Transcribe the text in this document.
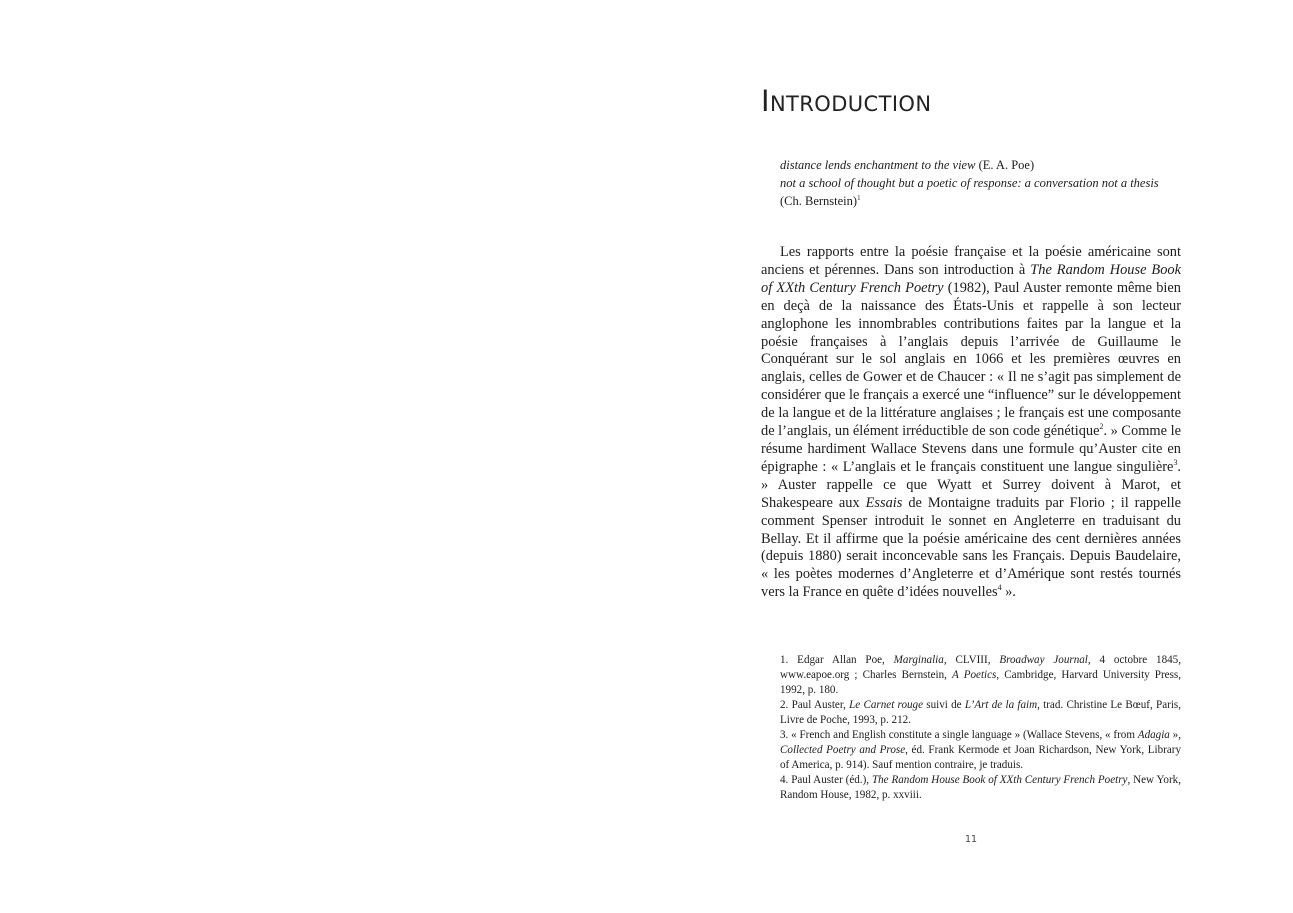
INTRODUCTION
distance lends enchantment to the view (E. A. Poe)
not a school of thought but a poetic of response: a conversation not a thesis
(Ch. Bernstein)$^1$

Les rapports entre la poésie française et la poésie américaine sont anciens et pérennes. Dans son introduction à The Random House Book of XXth Century French Poetry (1982), Paul Auster remonte même bien en deçà de la naissance des États-Unis et rappelle à son lecteur anglophone les innombrables contributions faites par la langue et la poésie françaises à l’anglais depuis l’arrivée de Guillaume le Conquérant sur le sol anglais en 1066 et les premières œuvres en anglais, celles de Gower et de Chaucer : « Il ne s’agit pas simplement de considérer que le français a exercé une “influence” sur le développement de la langue et de la littérature anglaises ; le français est une composante de l’anglais, un élément irréductible de son code génétique$^2$. » Comme le résume hardiment Wallace Stevens dans une formule qu’Auster cite en épigraphe : « L’anglais et le français constituent une langue singulière$^3$. » Auster rappelle ce que Wyatt et Surrey doivent à Marot, et Shakespeare aux Essais de Montaigne traduits par Florio ; il rappelle comment Spenser introduit le sonnet en Angleterre en traduisant du Bellay. Et il affirme que la poésie américaine des cent dernières années (depuis 1880) serait inconcevable sans les Français. Depuis Baudelaire, « les poètes modernes d’Angleterre et d’Amérique sont restés tournés vers la France en quête d’idées nouvelles$^4$ ».

1. Edgar Allan Poe, Marginalia, CLVIII, Broadway Journal, 4 octobre 1845, www.eapoe.org ; Charles Bernstein, A Poetics, Cambridge, Harvard University Press, 1992, p. 180.

2. Paul Auster, Le Carnet rouge suivi de L’Art de la faim, trad. Christine Le Bœuf, Paris, Livre de Poche, 1993, p. 212.

3. « French and English constitute a single language » (Wallace Stevens, « from Adagia », Collected Poetry and Prose, éd. Frank Kermode et Joan Richardson, New York, Library of America, p. 914). Sauf mention contraire, je traduis.

4. Paul Auster (éd.), The Random House Book of XXth Century French Poetry, New York, Random House, 1982, p. xxviii.

11
